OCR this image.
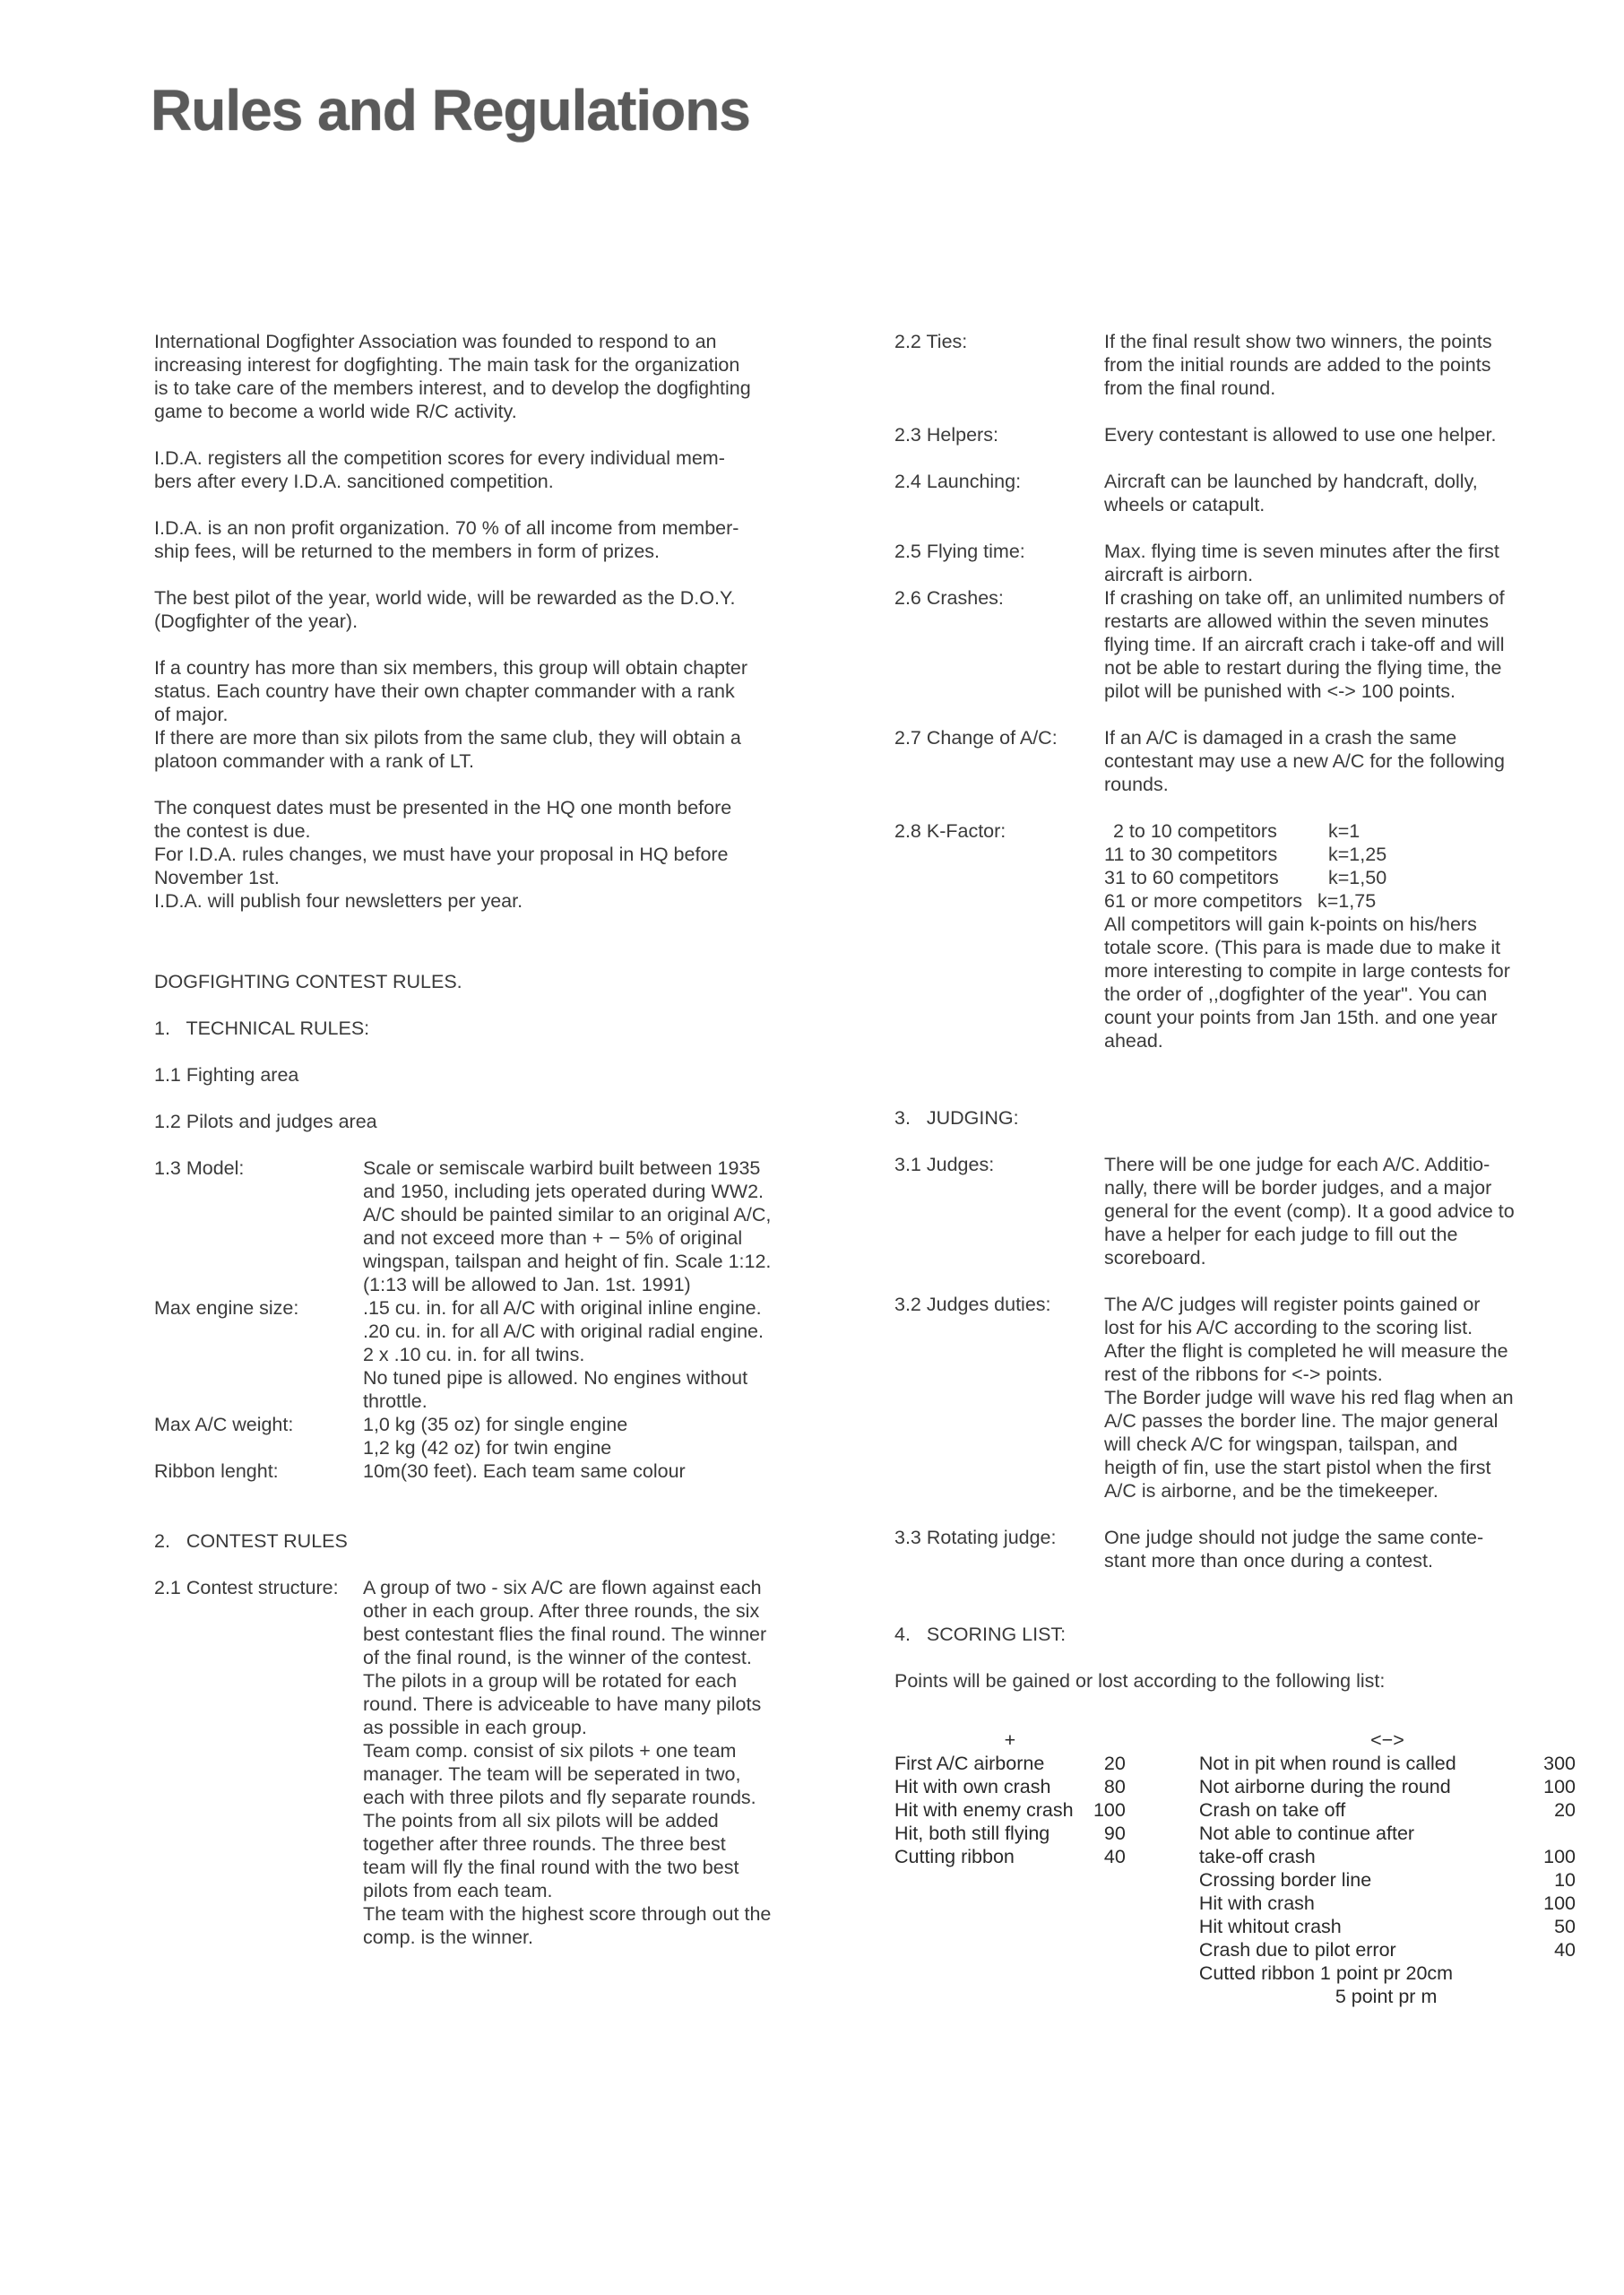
Rules and Regulations
International Dogfighter Association was founded to respond to an
increasing interest for dogfighting. The main task for the organization
is to take care of the members interest, and to develop the dogfighting
game to become a world wide R/C activity.
I.D.A. registers all the competition scores for every individual mem-
bers after every I.D.A. sancitioned competition.
I.D.A. is an non profit organization. 70 % of all income from member-
ship fees, will be returned to the members in form of prizes.
The best pilot of the year, world wide, will be rewarded as the D.O.Y.
(Dogfighter of the year).
If a country has more than six members, this group will obtain chapter
status. Each country have their own chapter commander with a rank
of major.
If there are more than six pilots from the same club, they will obtain a
platoon commander with a rank of LT.
The conquest dates must be presented in the HQ one month before
the contest is due.
For I.D.A. rules changes, we must have your proposal in HQ before
November 1st.
I.D.A. will publish four newsletters per year.

DOGFIGHTING CONTEST RULES.

1.   TECHNICAL RULES:

1.1 Fighting area

1.2 Pilots and judges area

1.3 Model:	Scale or semiscale warbird built between 1935
and 1950, including jets operated during WW2.
A/C should be painted similar to an original A/C,
and not exceed more than + − 5% of original
wingspan, tailspan and height of fin. Scale 1:12.
(1:13 will be allowed to Jan. 1st. 1991)
Max engine size:	.15 cu. in. for all A/C with original inline engine.
.20 cu. in. for all A/C with original radial engine.
2 x .10 cu. in. for all twins.
No tuned pipe is allowed. No engines without
throttle.
Max A/C weight:	1,0 kg (35 oz) for single engine
1,2 kg (42 oz) for twin engine
Ribbon lenght:	10m(30 feet). Each team same colour

2.   CONTEST RULES

2.1 Contest structure:	A group of two - six A/C are flown against each
other in each group. After three rounds, the six
best contestant flies the final round. The winner
of the final round, is the winner of the contest.
The pilots in a group will be rotated for each
round. There is adviceable to have many pilots
as possible in each group.
Team comp. consist of six pilots + one team
manager. The team will be seperated in two,
each with three pilots and fly separate rounds.
The points from all six pilots will be added
together after three rounds. The three best
team will fly the final round with the two best
pilots from each team.
The team with the highest score through out the
comp. is the winner.
2.2 Ties:	If the final result show two winners, the points
from the initial rounds are added to the points
from the final round.
2.3 Helpers:	Every contestant is allowed to use one helper.
2.4 Launching:	Aircraft can be launched by handcraft, dolly,
wheels or catapult.
2.5 Flying time:	Max. flying time is seven minutes after the first
aircraft is airborn.
2.6 Crashes:	If crashing on take off, an unlimited numbers of
restarts are allowed within the seven minutes
flying time. If an aircraft crach i take-off and will
not be able to restart during the flying time, the
pilot will be punished with <-> 100 points.
2.7 Change of A/C:	If an A/C is damaged in a crash the same
contestant may use a new A/C for the following
rounds.
2.8 K-Factor:	2 to 10 competitors	k=1
11 to 30 competitors	k=1,25
31 to 60 competitors	k=1,50
61 or more competitors k=1,75
All competitors will gain k-points on his/hers
totale score. (This para is made due to make it
more interesting to compite in large contests for
the order of ,,dogfighter of the year". You can
count your points from Jan 15th. and one year
ahead.

3.   JUDGING:

3.1 Judges:	There will be one judge for each A/C. Additio-
nally, there will be border judges, and a major
general for the event (comp). It a good advice to
have a helper for each judge to fill out the
scoreboard.
3.2 Judges duties:	The A/C judges will register points gained or
lost for his A/C according to the scoring list.
After the flight is completed he will measure the
rest of the ribbons for <-> points.
The Border judge will wave his red flag when an
A/C passes the border line. The major general
will check A/C for wingspan, tailspan, and
heigth of fin, use the start pistol when the first
A/C is airborne, and be the timekeeper.
3.3 Rotating judge:	One judge should not judge the same conte-
stant more than once during a contest.

4.   SCORING LIST:

Points will be gained or lost according to the following list:

+
First A/C airborne	20
Hit with own crash	80
Hit with enemy crash 100
Hit, both still flying	90
Cutting ribbon	40
<−>
Not in pit when round is called	300
Not airborne during the round	100
Crash on take off	20
Not able to continue after
take-off crash	100
Crossing border line	10
Hit with crash	100
Hit whitout crash	50
Crash due to pilot error	40
Cutted ribbon 1 point pr 20cm
5 point pr m
